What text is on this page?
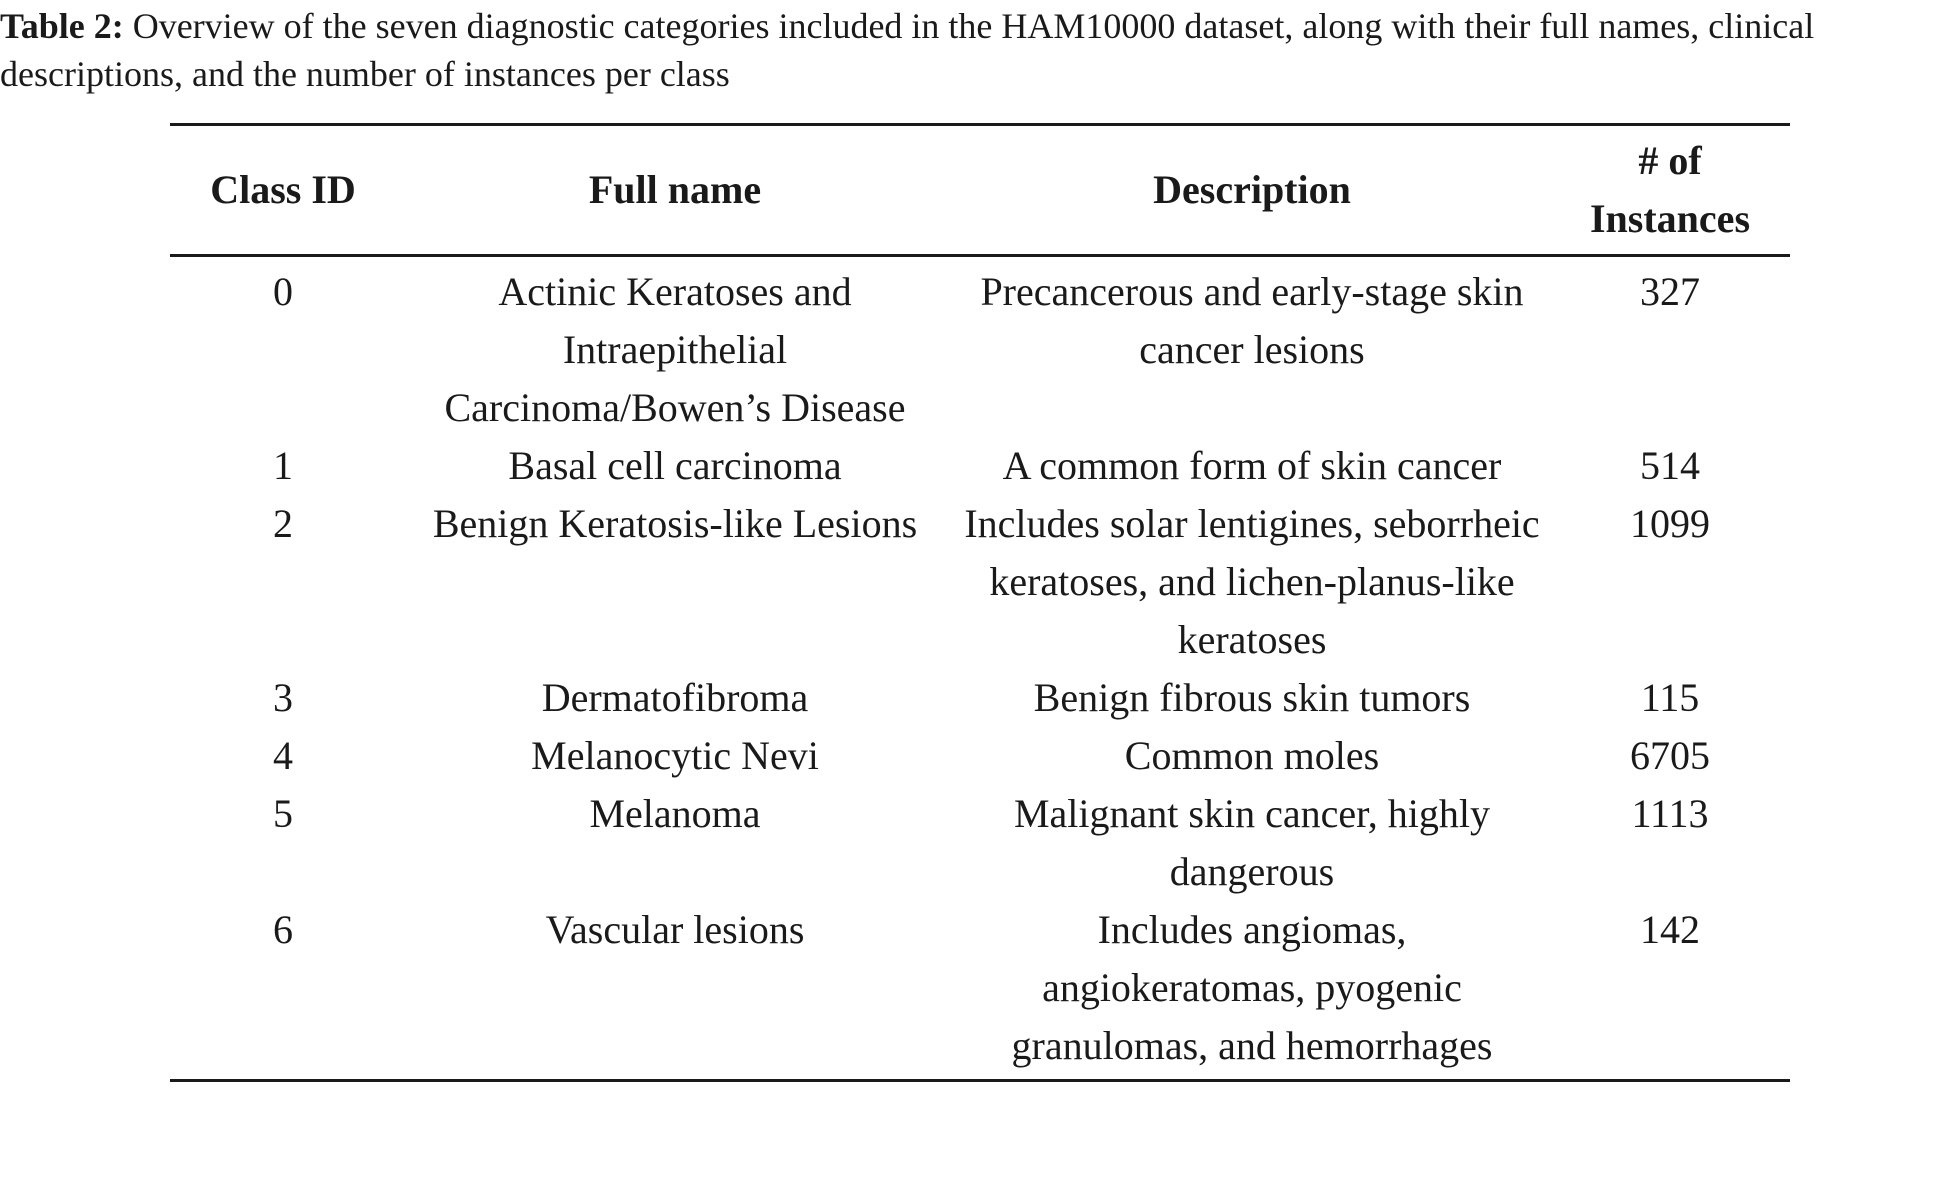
Table 2: Overview of the seven diagnostic categories included in the HAM10000 dataset, along with their full names, clinical descriptions, and the number of instances per class

Class ID	Full name	Description	# of
Instances
0	Actinic Keratoses and Intraepithelial Carcinoma/Bowen’s Disease	Precancerous and early-stage skin cancer lesions	327
1	Basal cell carcinoma	A common form of skin cancer	514
2	Benign Keratosis-like Lesions	Includes solar lentigines, seborrheic keratoses, and lichen-planus-like keratoses	1099
3	Dermatofibroma	Benign fibrous skin tumors	115
4	Melanocytic Nevi	Common moles	6705
5	Melanoma	Malignant skin cancer, highly dangerous	1113
6	Vascular lesions	Includes angiomas, angiokeratomas, pyogenic granulomas, and hemorrhages	142
